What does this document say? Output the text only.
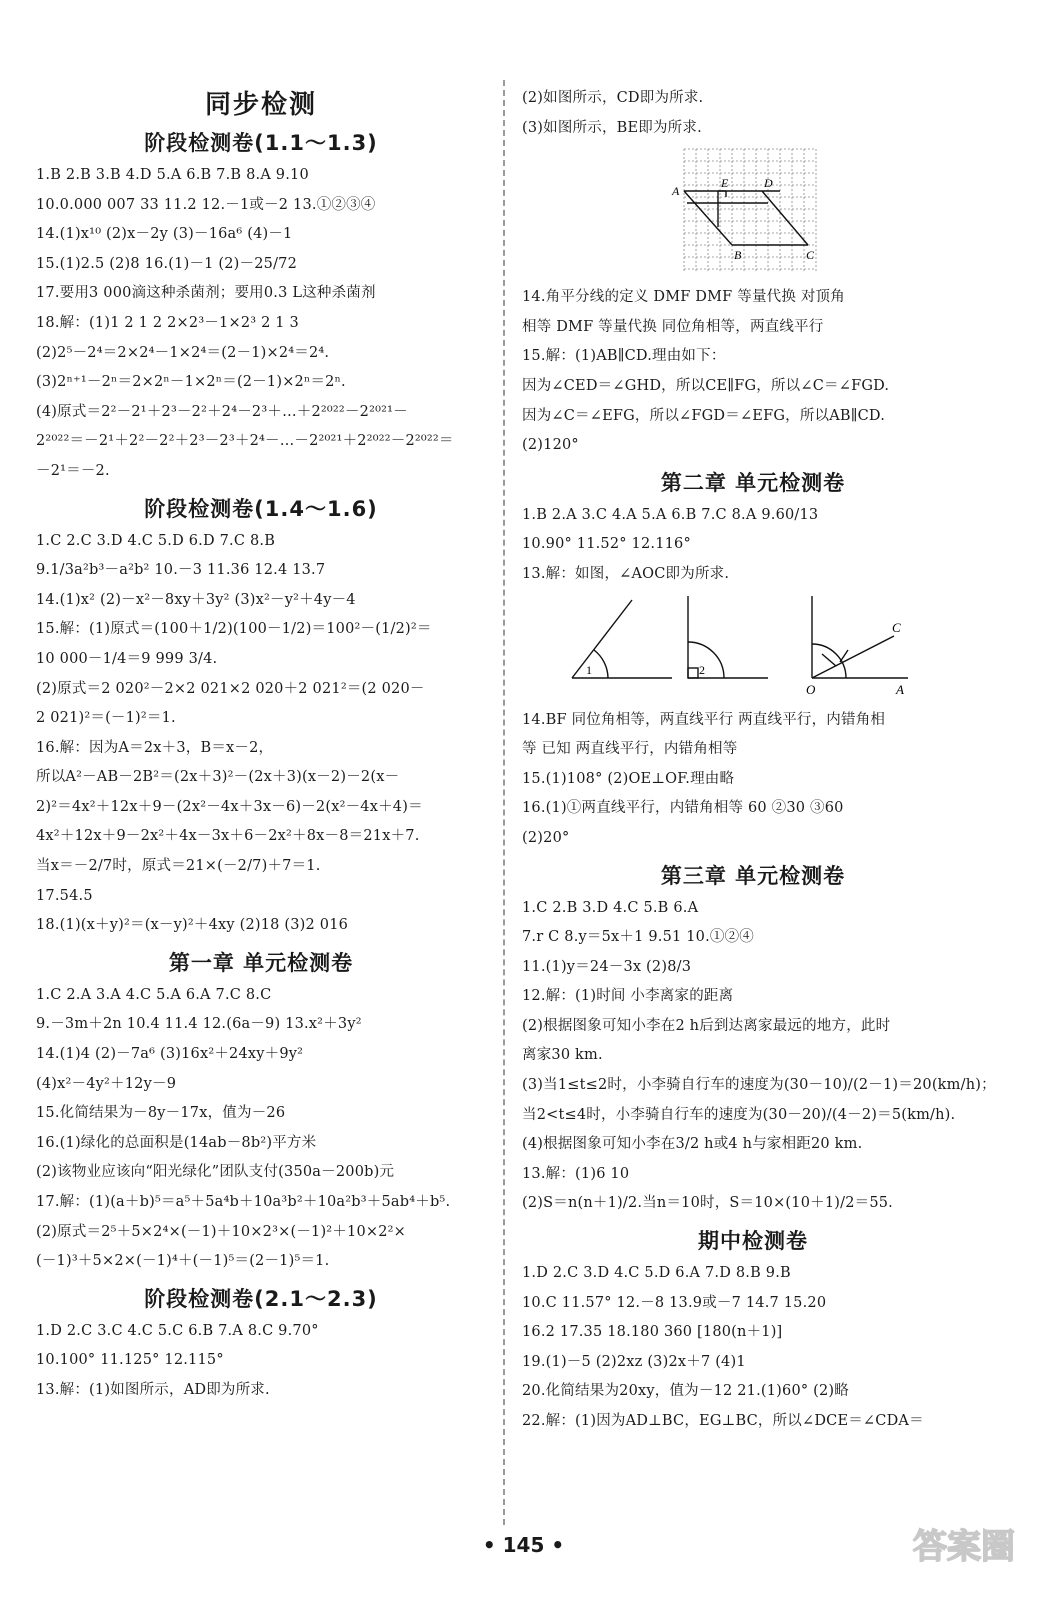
同步检测
阶段检测卷(1.1～1.3)
1.B 2.B 3.B 4.D 5.A 6.B 7.B 8.A 9.10
10.0.000 007 33 11.2 12.－1或－2 13.①②③④
14.(1)x¹⁰ (2)x－2y (3)－16a⁶ (4)－1
15.(1)2.5 (2)8 16.(1)－1 (2)－25/72
17.要用3 000滴这种杀菌剂；要用0.3 L这种杀菌剂
18.解：(1)1 2 1 2 2×2³－1×2³ 2 1 3
(2)2⁵－2⁴＝2×2⁴－1×2⁴＝(2－1)×2⁴＝2⁴.
(3)2ⁿ⁺¹－2ⁿ＝2×2ⁿ－1×2ⁿ＝(2－1)×2ⁿ＝2ⁿ.
(4)原式＝2²－2¹＋2³－2²＋2⁴－2³＋…＋2²⁰²²－2²⁰²¹－
2²⁰²²＝－2¹＋2²－2²＋2³－2³＋2⁴－…－2²⁰²¹＋2²⁰²²－2²⁰²²＝
－2¹＝－2.
阶段检测卷(1.4～1.6)
1.C 2.C 3.D 4.C 5.D 6.D 7.C 8.B
9.1/3a²b³－a²b² 10.－3 11.36 12.4 13.7
14.(1)x² (2)－x²－8xy＋3y² (3)x²－y²＋4y－4
15.解：(1)原式＝(100＋1/2)(100－1/2)＝100²－(1/2)²＝
10 000－1/4＝9 999 3/4.
(2)原式＝2 020²－2×2 021×2 020＋2 021²＝(2 020－
2 021)²＝(－1)²＝1.
16.解：因为A＝2x＋3，B＝x－2，
所以A²－AB－2B²＝(2x＋3)²－(2x＋3)(x－2)－2(x－
2)²＝4x²＋12x＋9－(2x²－4x＋3x－6)－2(x²－4x＋4)＝
4x²＋12x＋9－2x²＋4x－3x＋6－2x²＋8x－8＝21x＋7.
当x＝－2/7时，原式＝21×(－2/7)＋7＝1.
17.54.5
18.(1)(x＋y)²＝(x－y)²＋4xy (2)18 (3)2 016
第一章 单元检测卷
1.C 2.A 3.A 4.C 5.A 6.A 7.C 8.C
9.－3m＋2n 10.4 11.4 12.(6a－9) 13.x²＋3y²
14.(1)4 (2)－7a⁶ (3)16x²＋24xy＋9y²
(4)x²－4y²＋12y－9
15.化简结果为－8y－17x，值为－26
16.(1)绿化的总面积是(14ab－8b²)平方米
(2)该物业应该向“阳光绿化”团队支付(350a－200b)元
17.解：(1)(a＋b)⁵＝a⁵＋5a⁴b＋10a³b²＋10a²b³＋5ab⁴＋b⁵.
(2)原式＝2⁵＋5×2⁴×(－1)＋10×2³×(－1)²＋10×2²×
(－1)³＋5×2×(－1)⁴＋(－1)⁵＝(2－1)⁵＝1.
阶段检测卷(2.1～2.3)
1.D 2.C 3.C 4.C 5.C 6.B 7.A 8.C 9.70°
10.100° 11.125° 12.115°
13.解：(1)如图所示，AD即为所求.
(2)如图所示，CD即为所求.
(3)如图所示，BE即为所求.
A
E	D
B	C
14.角平分线的定义 DMF DMF 等量代换 对顶角
相等 DMF 等量代换 同位角相等，两直线平行
15.解：(1)AB∥CD.理由如下：
因为∠CED＝∠GHD，所以CE∥FG，所以∠C＝∠FGD.
因为∠C＝∠EFG，所以∠FGD＝∠EFG，所以AB∥CD.
(2)120°
第二章 单元检测卷
1.B 2.A 3.C 4.A 5.A 6.B 7.C 8.A 9.60/13
10.90° 11.52° 12.116°
13.解：如图，∠AOC即为所求.
1	2
O	A
C
14.BF 同位角相等，两直线平行 两直线平行，内错角相
等 已知 两直线平行，内错角相等
15.(1)108° (2)OE⊥OF.理由略
16.(1)①两直线平行，内错角相等 60 ②30 ③60
(2)20°
第三章 单元检测卷
1.C 2.B 3.D 4.C 5.B 6.A
7.r C 8.y＝5x＋1 9.51 10.①②④
11.(1)y＝24－3x (2)8/3
12.解：(1)时间 小李离家的距离
(2)根据图象可知小李在2 h后到达离家最远的地方，此时
离家30 km.
(3)当1≤t≤2时，小李骑自行车的速度为(30－10)/(2－1)＝20(km/h)；
当2<t≤4时，小李骑自行车的速度为(30－20)/(4－2)＝5(km/h).
(4)根据图象可知小李在3/2 h或4 h与家相距20 km.
13.解：(1)6 10
(2)S＝n(n＋1)/2.当n＝10时，S＝10×(10＋1)/2＝55.
期中检测卷
1.D 2.C 3.D 4.C 5.D 6.A 7.D 8.B 9.B
10.C 11.57° 12.－8 13.9或－7 14.7 15.20
16.2 17.35 18.180 360 [180(n＋1)]
19.(1)－5 (2)2xz (3)2x＋7 (4)1
20.化简结果为20xy，值为－12 21.(1)60° (2)略
22.解：(1)因为AD⊥BC，EG⊥BC，所以∠DCE＝∠CDA＝
• 145 •	答案圈
